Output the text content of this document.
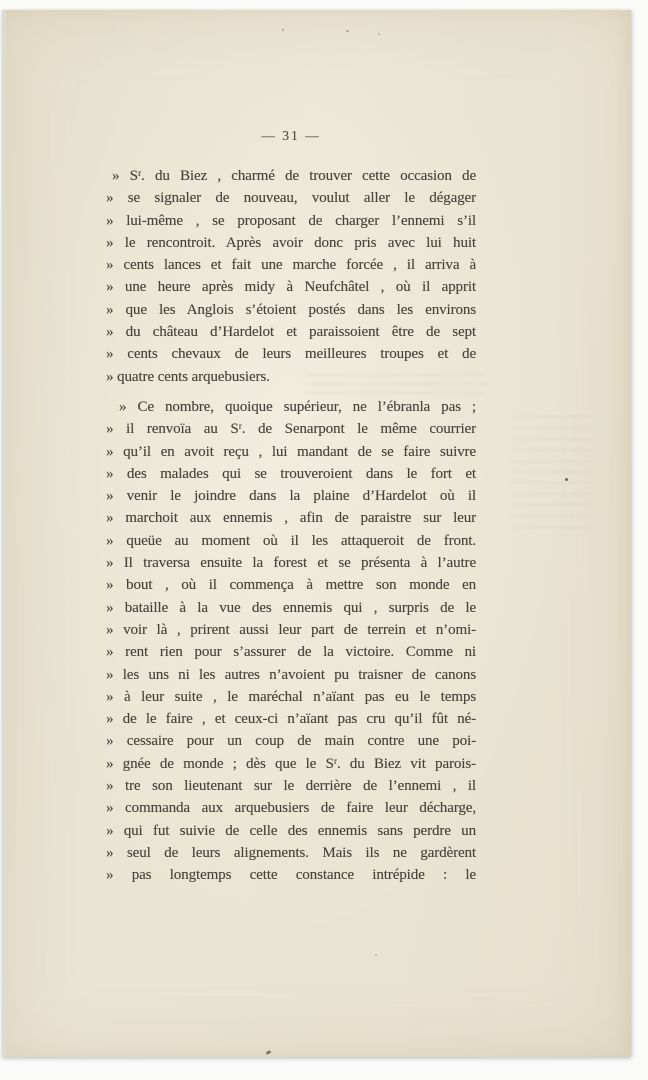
— 31 —
» Sʳ. du Biez , charmé de trouver cette occasion de
» se signaler de nouveau, voulut aller le dégager
» lui-même , se proposant de charger l’ennemi s’il
» le rencontroit. Après avoir donc pris avec lui huit
» cents lances et fait une marche forcée , il arriva à
» une heure après midy à Neufchâtel , où il apprit
» que les Anglois s’étoient postés dans les environs
» du château d’Hardelot et paraissoient être de sept
» cents chevaux de leurs meilleures troupes et de
» quatre cents arquebusiers.
» Ce nombre, quoique supérieur, ne l’ébranla pas ;
» il renvoïa au Sʳ. de Senarpont le même courrier
» qu’il en avoit reçu , lui mandant de se faire suivre
» des malades qui se trouveroient dans le fort et
» venir le joindre dans la plaine d’Hardelot où il
» marchoit aux ennemis , afin de paraistre sur leur
» queüe au moment où il les attaqueroit de front.
» Il traversa ensuite la forest et se présenta à l’autre
» bout , où il commença à mettre son monde en
» bataille à la vue des ennemis qui , surpris de le
» voir là , prirent aussi leur part de terrein et n’omi-
» rent rien pour s’assurer de la victoire. Comme ni
» les uns ni les autres n’avoient pu traisner de canons
» à leur suite , le maréchal n’aïant pas eu le temps
» de le faire , et ceux-ci n’aïant pas cru qu’il fût né-
» cessaire pour un coup de main contre une poi-
» gnée de monde ; dès que le Sʳ. du Biez vit parois-
» tre son lieutenant sur le derrière de l’ennemi , il
» commanda aux arquebusiers de faire leur décharge,
» qui fut suivie de celle des ennemis sans perdre un
» seul de leurs alignements. Mais ils ne gardèrent
» pas longtemps cette constance intrépide : le
